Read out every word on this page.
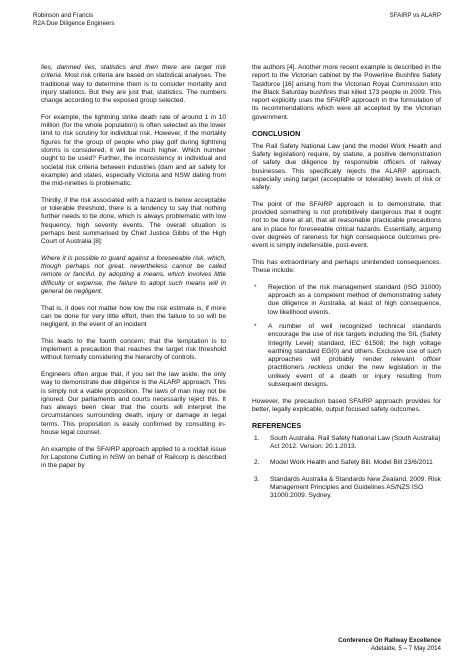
Robinson and Francis
R2A Due Diligence Engineers
SFAIRP vs ALARP

lies, damned lies, statistics and then there are target risk criteria. Most risk criteria are based on statistical analyses. The traditional way to determine them is to consider mortality and injury statistics. But they are just that, statistics. The numbers change according to the exposed group selected.

For example, the lightning strike death rate of around 1 in 10 million (for the whole population) is often selected as the lower limit to risk scrutiny for individual risk. However, if the mortality figures for the group of people who play golf during lightning storms is considered, it will be much higher. Which number ought to be used? Further, the inconsistency in individual and societal risk criteria between industries (dam and air safety for example) and states, especially Victoria and NSW dating from the mid-nineties is problematic.

Thirdly, if the risk associated with a hazard is below acceptable or tolerable threshold, there is a tendency to say that nothing further needs to be done, which is always problematic with low frequency, high severity events. The overall situation is perhaps best summarised by Chief Justice Gibbs of the High Court of Australia [8]:

Where it is possible to guard against a foreseeable risk, which, though perhaps not great, nevertheless cannot be called remote or fanciful, by adopting a means, which involves little difficulty or expense, the failure to adopt such means will in general be negligent.

That is, it does not matter how low the risk estimate is, if more can be done for very little effort, then the failure to so will be negligent, in the event of an incident

This leads to the fourth concern; that the temptation is to implement a precaution that reaches the target risk threshold without formally considering the hierarchy of controls.

Engineers often argue that, if you set the law aside, the only way to demonstrate due diligence is the ALARP approach. This is simply not a viable proposition. The laws of man may not be ignored. Our parliaments and courts necessarily reject this. It has always been clear that the courts will interpret the circumstances surrounding death, injury or damage in legal terms. This proposition is easily confirmed by consulting in-house legal counsel.

An example of the SFAIRP approach applied to a rockfall issue for Lapstone Cutting in NSW on behalf of Railcorp is described in the paper by

the authors [4]. Another more recent example is described in the report to the Victorian cabinet by the Powerline Bushfire Safety Taskforce [16] arising from the Victorian Royal Commission into the Black Saturday bushfires that killed 173 people in 2009. This report explicitly uses the SFAIRP approach in the formulation of its recommendations which were all accepted by the Victorian government.

CONCLUSION

The Rail Safety National Law (and the model Work Health and Safety legislation) require, by statute, a positive demonstration of safety due diligence by responsible officers of railway businesses. This specifically rejects the ALARP approach, especially using target (acceptable or tolerable) levels of risk or safety.

The point of the SFAIRP approach is to demonstrate, that provided something is not prohibitively dangerous that it ought not to be done at all, that all reasonable practicable precautions are in place for foreseeable critical hazards. Essentially, arguing over degrees of rareness for high consequence outcomes pre-event is simply indefensible, post-event.

This has extraordinary and perhaps unintended consequences. These include:

* Rejection of the risk management standard (ISO 31000) approach as a competent method of demonstrating safety due diligence in Australia, at least of high consequence, low likelihood events.
* A number of well recognized technical standards encourage the use of risk targets including the SIL (Safety Integrity Level) standard, IEC 61508; the high voltage earthing standard EG(0) and others. Exclusive use of such approaches will probably render relevant officer practitioners reckless under the new legislation in the unlikely event of a death or injury resulting from subsequent designs.

However, the precaution based SFAIRP approach provides for better, legally explicable, output focused safety outcomes.

REFERENCES
1. South Australia. Rail Safety National Law (South Australia) Act 2012. Version: 20.1.2013.
2. Model Work Health and Safety Bill. Model Bill 23/6/2011
3. Standards Australia & Standards New Zealand, 2009. Risk Management Principles and Guidelines AS/NZS ISO 31000:2009. Sydney.
Conference On Railway Excellence
Adelaide, 5 – 7 May 2014
